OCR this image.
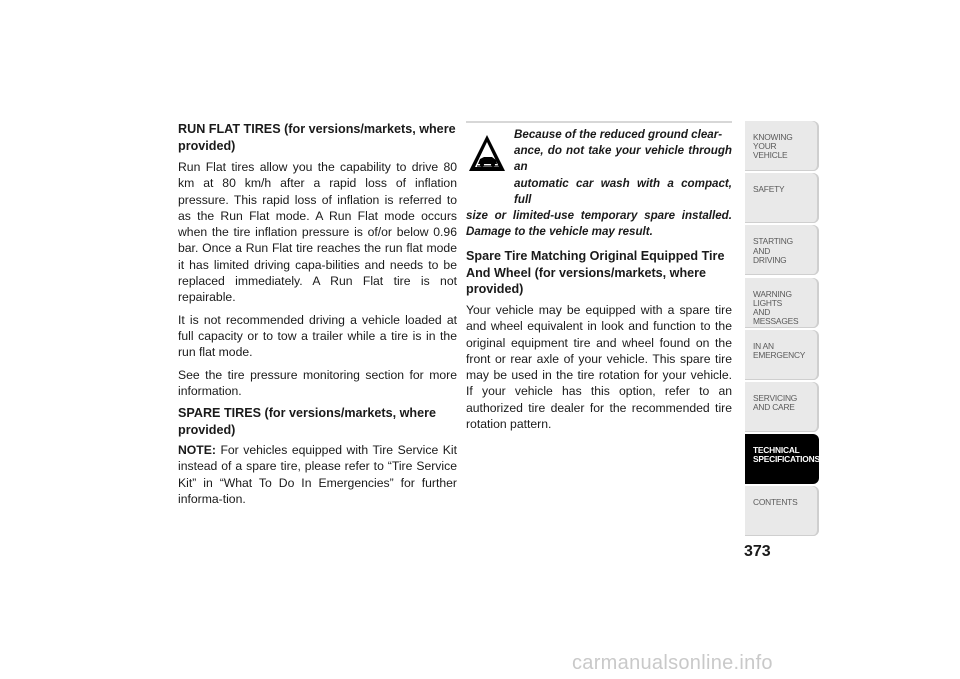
RUN FLAT TIRES (for versions/markets, where provided)

Run Flat tires allow you the capability to drive 80 km at 80 km/h after a rapid loss of inflation pressure. This rapid loss of inflation is referred to as the Run Flat mode. A Run Flat mode occurs when the tire inflation pressure is of/or below 0.96 bar. Once a Run Flat tire reaches the run flat mode it has limited driving capa-bilities and needs to be replaced immediately. A Run Flat tire is not repairable.

It is not recommended driving a vehicle loaded at full capacity or to tow a trailer while a tire is in the run flat mode.

See the tire pressure monitoring section for more information.

SPARE TIRES (for versions/markets, where provided)

NOTE: For vehicles equipped with Tire Service Kit instead of a spare tire, please refer to “Tire Service Kit” in “What To Do In Emergencies” for further informa-tion.

Because of the reduced ground clear-
ance, do not take your vehicle through an
automatic car wash with a compact, full
size or limited-use temporary spare installed. Damage to the vehicle may result.
Spare Tire Matching Original Equipped Tire And Wheel (for versions/markets, where provided)

Your vehicle may be equipped with a spare tire and wheel equivalent in look and function to the original equipment tire and wheel found on the front or rear axle of your vehicle. This spare tire may be used in the tire rotation for your vehicle. If your vehicle has this option, refer to an authorized tire dealer for the recommended tire rotation pattern.

KNOWING
YOUR
VEHICLE
SAFETY
STARTING
AND
DRIVING
WARNING
LIGHTS
AND
MESSAGES
IN AN
EMERGENCY
SERVICING
AND CARE
TECHNICAL
SPECIFICATIONS
CONTENTS
373
carmanualsonline.info
